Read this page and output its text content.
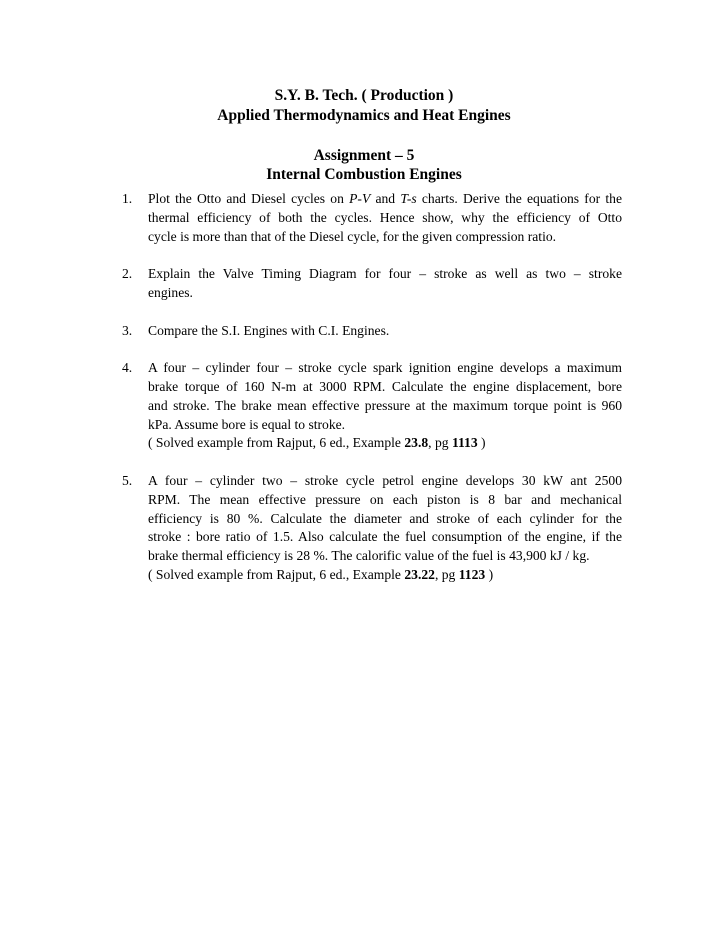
S.Y. B. Tech. ( Production )
Applied Thermodynamics and Heat Engines
Assignment – 5
Internal Combustion Engines
1. Plot the Otto and Diesel cycles on P-V and T-s charts. Derive the equations for the
thermal efficiency of both the cycles. Hence show, why the efficiency of Otto
cycle is more than that of the Diesel cycle, for the given compression ratio.
2. Explain the Valve Timing Diagram for four – stroke as well as two – stroke
engines.
3. Compare the S.I. Engines with C.I. Engines.
4. A four – cylinder four – stroke cycle spark ignition engine develops a maximum
brake torque of 160 N-m at 3000 RPM. Calculate the engine displacement, bore
and stroke. The brake mean effective pressure at the maximum torque point is 960
kPa. Assume bore is equal to stroke.
( Solved example from Rajput, 6 ed., Example 23.8, pg 1113 )
5. A four – cylinder two – stroke cycle petrol engine develops 30 kW ant 2500
RPM. The mean effective pressure on each piston is 8 bar and mechanical
efficiency is 80 %. Calculate the diameter and stroke of each cylinder for the
stroke : bore ratio of 1.5. Also calculate the fuel consumption of the engine, if the
brake thermal efficiency is 28 %. The calorific value of the fuel is 43,900 kJ / kg.
( Solved example from Rajput, 6 ed., Example 23.22, pg 1123 )
